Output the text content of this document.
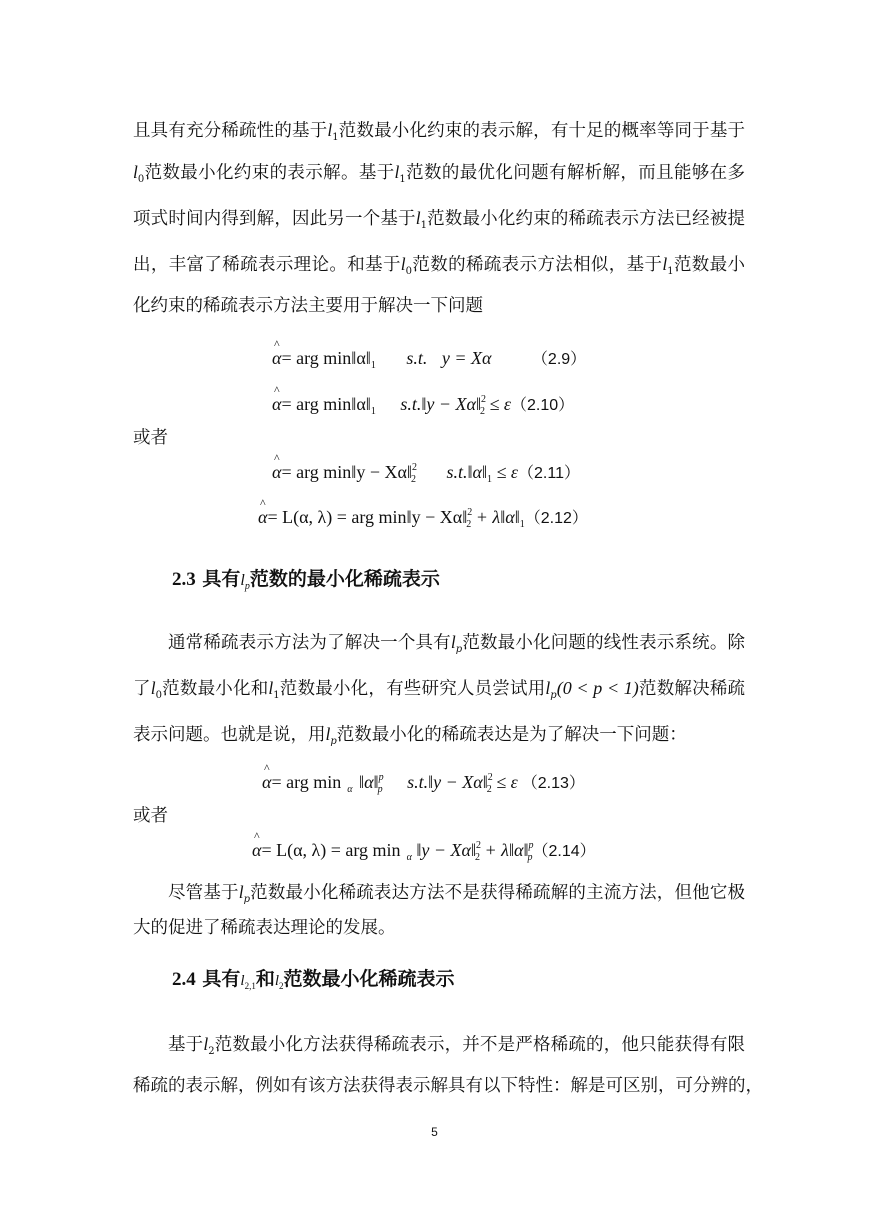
且具有充分稀疏性的基于$l_1$范数最小化约束的表示解，有十足的概率等同于基于
$l_0$范数最小化约束的表示解。基于$l_1$范数的最优化问题有解析解，而且能够在多
项式时间内得到解，因此另一个基于$l_1$范数最小化约束的稀疏表示方法已经被提
出，丰富了稀疏表示理论。和基于$l_0$范数的稀疏表示方法相似，基于$l_1$范数最小
化约束的稀疏表示方法主要用于解决一下问题
^ α= arg $\min‖\alpha‖_1$ s.t. y = Xα	（2.9）
^ α= arg $\min‖\alpha‖_1$ s.t.‖y − Xα‖$^2_2$ ≤ ε（2.10）
或者
^ α= arg min‖y − Xα‖$^2_2$ $s.t.‖\alpha‖_1 \le \varepsilon(2.11)$
^ α= L(α, λ) = arg min‖y − Xα‖$^2_2$ + $\lambda‖\alpha‖_1(2.12)$
2.3 具有$l_p$范数的最小化稀疏表示
通常稀疏表示方法为了解决一个具有$l_p$范数最小化问题的线性表示系统。除
了$l_0$范数最小化和$l_1$范数最小化，有些研究人员尝试用$l_p(0 < p < 1)$范数解决稀疏
表示问题。也就是说，用$l_p$范数最小化的稀疏表达是为了解决一下问题：
^ α= arg min $_\alpha$ ‖α‖$^p_p$ s.t.‖y − Xα‖$^2_2$ ≤ ε （2.13）
或者
^ α= L(α, λ) = arg min $_\alpha$ ‖y − Xα‖$^2_2$ + λ‖α‖$^p_p$（2.14）
尽管基于$l_p$范数最小化稀疏表达方法不是获得稀疏解的主流方法，但他它极
大的促进了稀疏表达理论的发展。
2.4 具有$l_{2,1}$和$l_2$范数最小化稀疏表示
基于$l_2$范数最小化方法获得稀疏表示，并不是严格稀疏的，他只能获得有限
稀疏的表示解，例如有该方法获得表示解具有以下特性：解是可区别，可分辨的，
5
